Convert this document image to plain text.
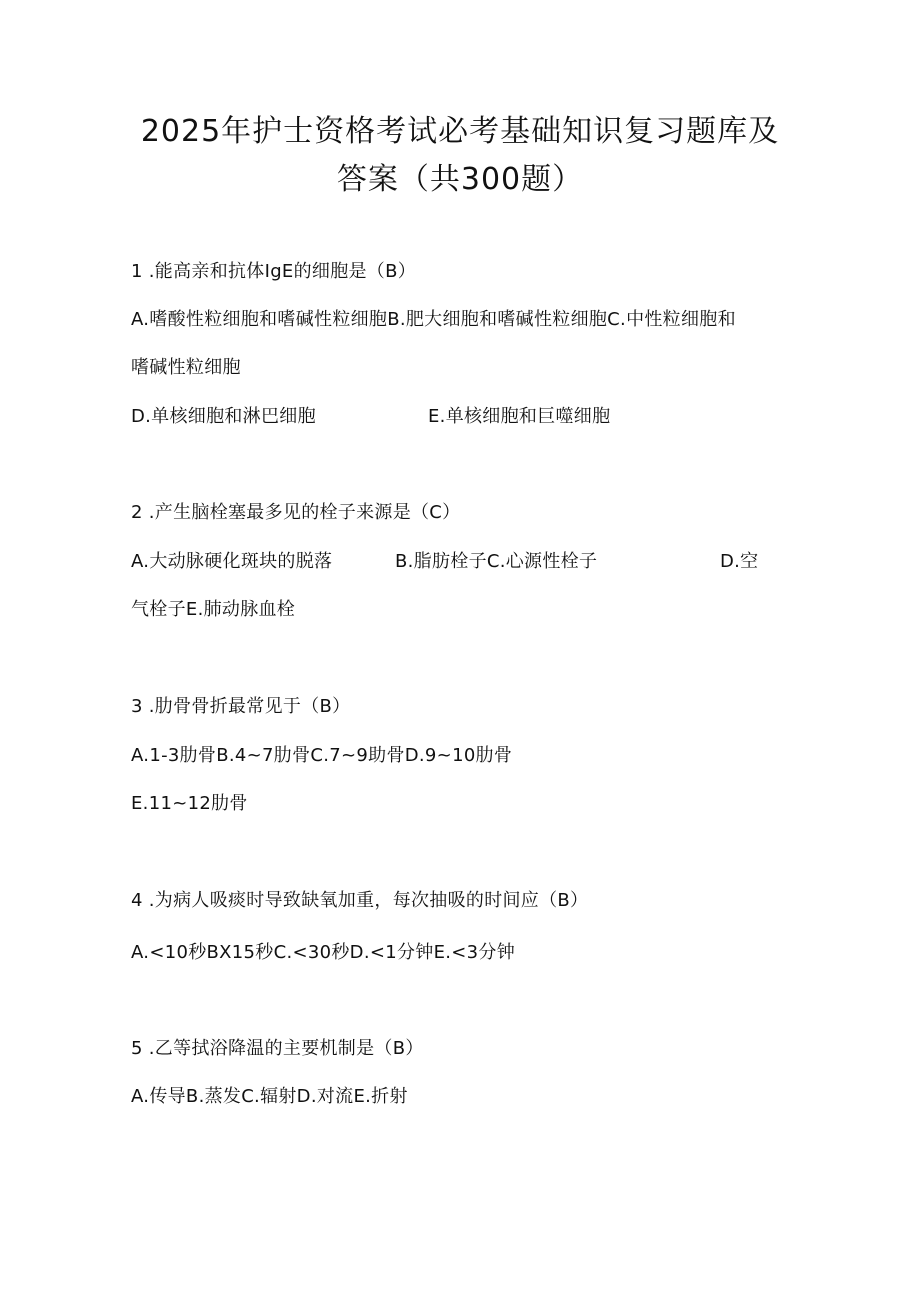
2025年护士资格考试必考基础知识复习题库及
答案（共300题）
1 .能高亲和抗体IgE的细胞是（B）
A.嗜酸性粒细胞和嗜碱性粒细胞B.肥大细胞和嗜碱性粒细胞C.中性粒细胞和
嗜碱性粒细胞
D.单核细胞和淋巴细胞	E.单核细胞和巨噬细胞
2 .产生脑栓塞最多见的栓子来源是（C）
A.大动脉硬化斑块的脱落	B.脂肪栓子C.心源性栓子	D.空
气栓子E.肺动脉血栓
3 .肋骨骨折最常见于（B）
A.1-3肋骨B.4~7肋骨C.7~9助骨D.9~10肋骨
E.11~12肋骨
4 .为病人吸痰时导致缺氧加重，每次抽吸的时间应（B）
A.<10秒BX15秒C.<30秒D.<1分钟E.<3分钟
5 .乙等拭浴降温的主要机制是（B）
A.传导B.蒸发C.辐射D.对流E.折射
